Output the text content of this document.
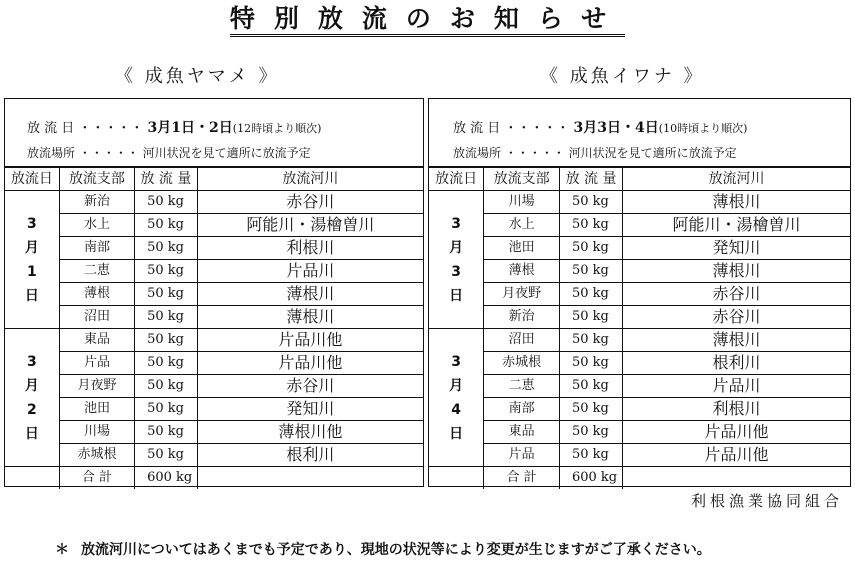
特別放流のお知らせ
《 成魚ヤマメ 》	《 成魚イワナ 》
放 流 日 ・・・・・ 3月1日・2日(12時頃より順次)
放流場所 ・・・・・ 河川状況を見て適所に放流予定
放流日	放流支部	放 流 量	放流河川

3
月
1
日	新治	50 kg	赤谷川
	水上	50 kg	阿能川・湯檜曽川
	南部	50 kg	利根川
	二恵	50 kg	片品川
	薄根	50 kg	薄根川
	沼田	50 kg	薄根川

3
月
2
日	東品	50 kg	片品川他
	片品	50 kg	片品川他
	月夜野	50 kg	赤谷川
	池田	50 kg	発知川
	川場	50 kg	薄根川他
	赤城根	50 kg	根利川
	合 計	600 kg	
放 流 日 ・・・・・ 3月3日・4日(10時頃より順次)
放流場所 ・・・・・ 河川状況を見て適所に放流予定
放流日	放流支部	放 流 量	放流河川

3
月
3
日	川場	50 kg	薄根川
	水上	50 kg	阿能川・湯檜曽川
	池田	50 kg	発知川
	薄根	50 kg	薄根川
	月夜野	50 kg	赤谷川
	新治	50 kg	赤谷川

3
月
4
日	沼田	50 kg	薄根川
	赤城根	50 kg	根利川
	二恵	50 kg	片品川
	南部	50 kg	利根川
	東品	50 kg	片品川他
	片品	50 kg	片品川他
	合 計	600 kg	
利根漁業協同組合
＊ 放流河川についてはあくまでも予定であり、現地の状況等により変更が生じますがご了承ください。
